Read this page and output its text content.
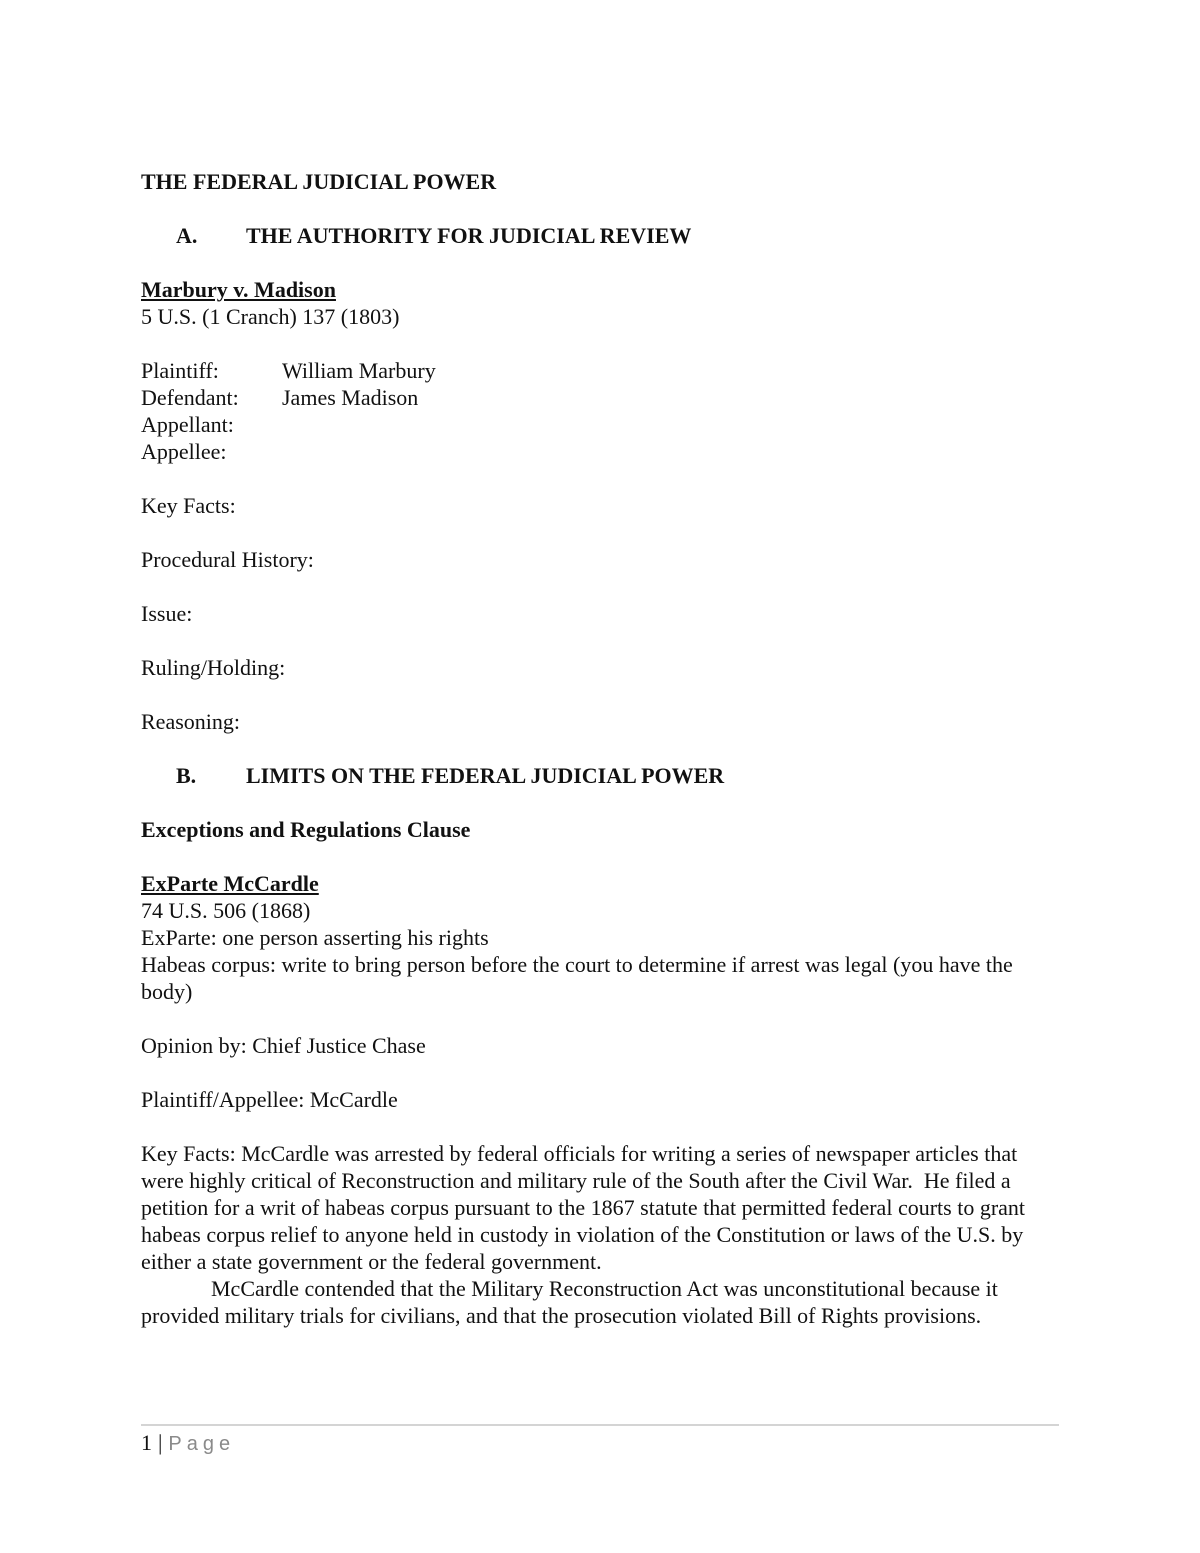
THE FEDERAL JUDICIAL POWER
A.	THE AUTHORITY FOR JUDICIAL REVIEW
Marbury v. Madison
5 U.S. (1 Cranch) 137 (1803)
Plaintiff:	William Marbury
Defendant:	James Madison
Appellant:
Appellee:
Key Facts:
Procedural History:
Issue:
Ruling/Holding:
Reasoning:
B.	LIMITS ON THE FEDERAL JUDICIAL POWER
Exceptions and Regulations Clause
ExParte McCardle
74 U.S. 506 (1868)
ExParte: one person asserting his rights
Habeas corpus: write to bring person before the court to determine if arrest was legal (you have the body)
Opinion by: Chief Justice Chase
Plaintiff/Appellee: McCardle
Key Facts: McCardle was arrested by federal officials for writing a series of newspaper articles that were highly critical of Reconstruction and military rule of the South after the Civil War.  He filed a petition for a writ of habeas corpus pursuant to the 1867 statute that permitted federal courts to grant habeas corpus relief to anyone held in custody in violation of the Constitution or laws of the U.S. by either a state government or the federal government.
McCardle contended that the Military Reconstruction Act was unconstitutional because it provided military trials for civilians, and that the prosecution violated Bill of Rights provisions.
1 | Page
